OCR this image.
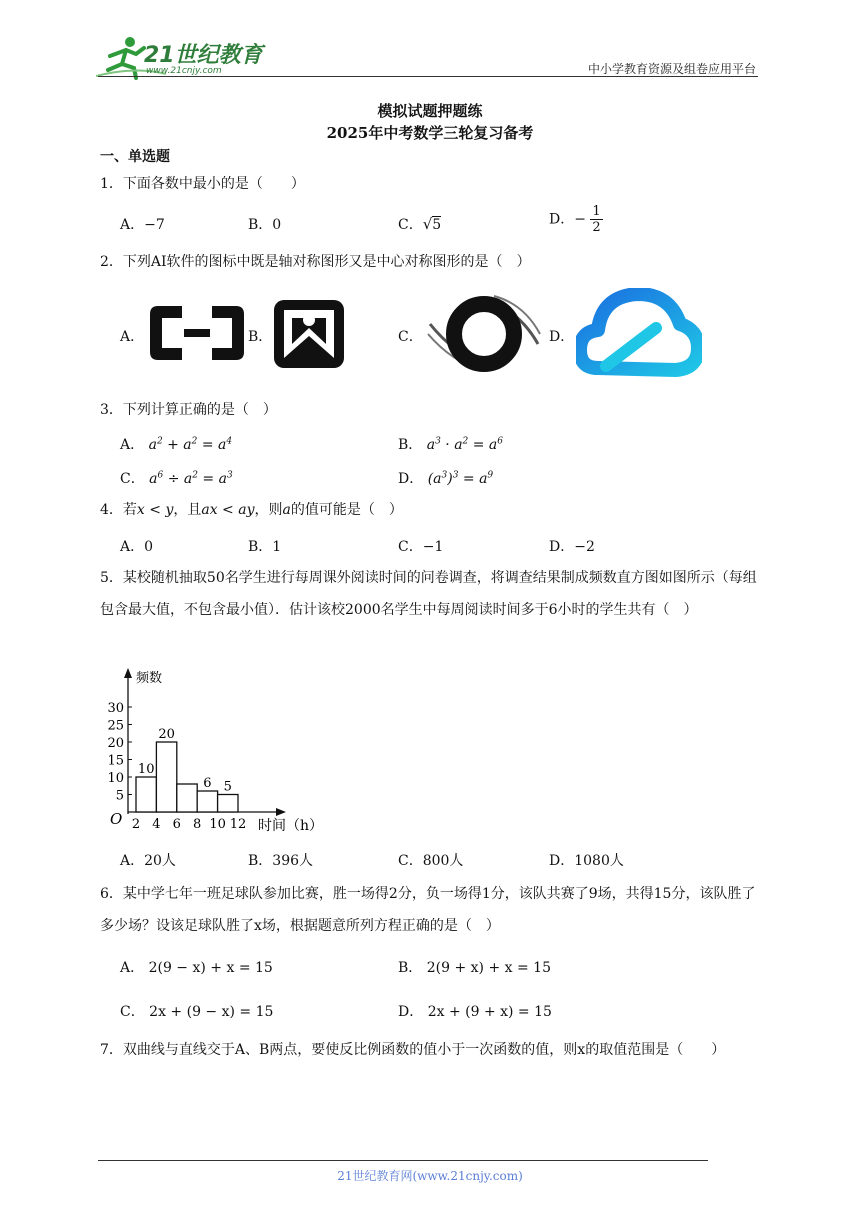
21世纪教育
www.21cnjy.com	中小学教育资源及组卷应用平台
模拟试题押题练
2025年中考数学三轮复习备考
一、单选题
1．下面各数中最小的是（　　）
A．−7	B．0	C．√5	D．− $\frac{1}{2}$
2．下列AI软件的图标中既是轴对称图形又是中心对称图形的是（　）
A．	B．	C．	D．
3．下列计算正确的是（　）
A． $a^2 + a^2 = a^4$	B． $a^3 \cdot a^2 = a^6$
C． $a^6 \div a^2 = a^3$	D． $(a^3)^3 = a^9$
4．若x < y，且ax < ay，则a的值可能是（　）
A．0	B．1	C．−1	D．−2
5．某校随机抽取50名学生进行每周课外阅读时间的问卷调查，将调查结果制成频数直方图如图所示（每组包含最大值，不包含最小值）．估计该校2000名学生中每周阅读时间多于6小时的学生共有（　）
频数
时间（h）
O
5
10
15
20
25
30
2 4 6 8 10 12
10
20
6 5
A．20人	B．396人	C．800人	D．1080人
6．某中学七年一班足球队参加比赛，胜一场得2分，负一场得1分，该队共赛了9场，共得15分，该队胜了多少场？设该足球队胜了x场，根据题意所列方程正确的是（　）
A． 2(9 − x) + x = 15	B． 2(9 + x) + x = 15
C． 2x + (9 − x) = 15	D． 2x + (9 + x) = 15
7．双曲线与直线交于A、B两点，要使反比例函数的值小于一次函数的值，则x的取值范围是（　　）
21世纪教育网(www.21cnjy.com)
